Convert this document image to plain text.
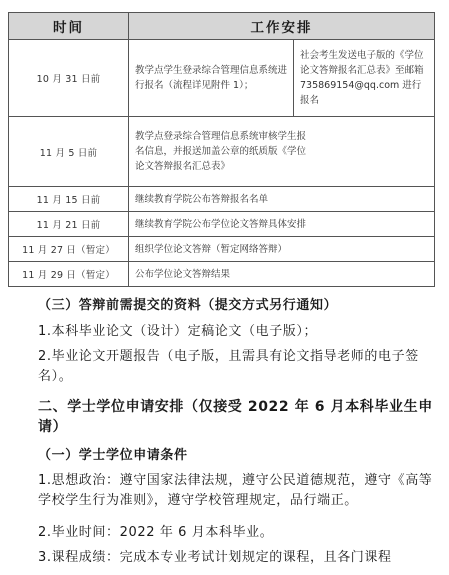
时间	工作安排	
10 月 31 日前	教学点学生登录综合管理信息系统进行报名（流程详见附件 1）；	社会考生发送电子版的《学位论文答辩报名汇总表》至邮箱 735869154@qq.com 进行报名
11 月 5 日前	教学点登录综合管理信息系统审核学生报名信息，并报送加盖公章的纸质版《学位论文答辩报名汇总表》	

11 月 15 日前	继续教育学院公布答辩报名名单	
11 月 21 日前	继续教育学院公布学位论文答辩具体安排	
11 月 27 日（暂定）	组织学位论文答辩（暂定网络答辩）	
11 月 29 日（暂定）	公布学位论文答辩结果	
（三）答辩前需提交的资料（提交方式另行通知）
1.本科毕业论文（设计）定稿论文（电子版）；
2.毕业论文开题报告（电子版，且需具有论文指导老师的电子签名）。
二、学士学位申请安排（仅接受 2022 年 6 月本科毕业生申请）
（一）学士学位申请条件
1.思想政治：遵守国家法律法规，遵守公民道德规范，遵守《高等学校学生行为准则》，遵守学校管理规定，品行端正。
2.毕业时间：2022 年 6 月本科毕业。
3.课程成绩：完成本专业考试计划规定的课程，且各门课程
